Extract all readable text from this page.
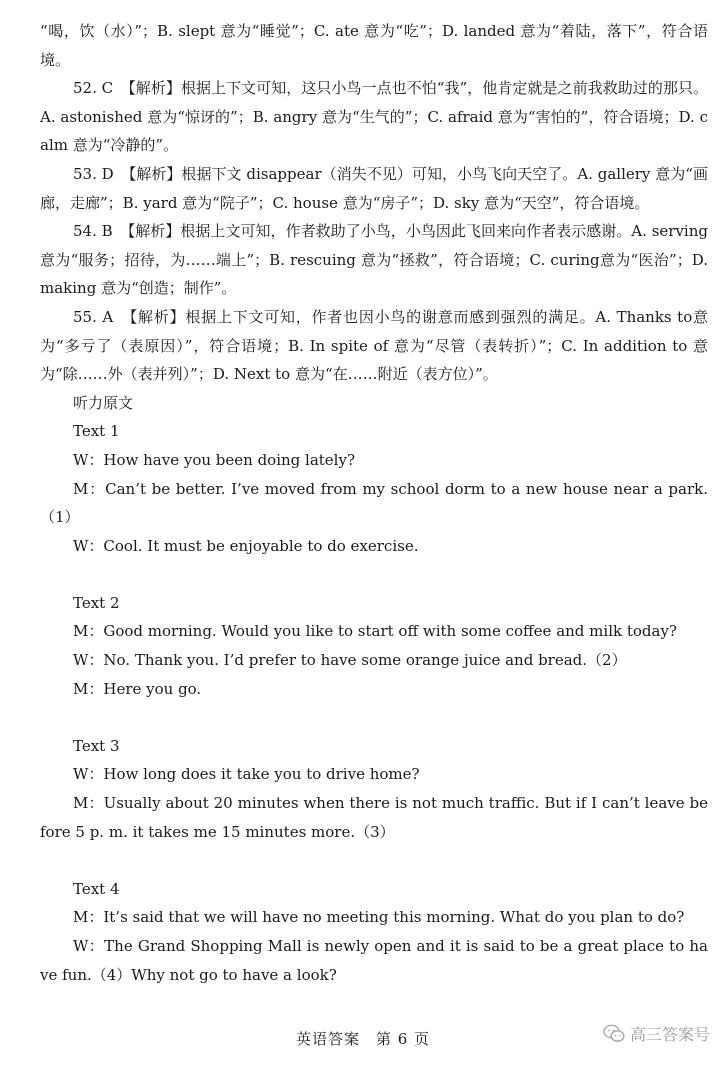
“喝，饮（水）”；B. slept 意为“睡觉”；C. ate 意为“吃”；D. landed 意为“着陆，落下”，符合语境。

52. C　【解析】根据上下文可知，这只小鸟一点也不怕“我”，他肯定就是之前我救助过的那只。A. astonished 意为“惊讶的”；B. angry 意为“生气的”；C. afraid 意为“害怕的”，符合语境；D. calm 意为“冷静的”。

53. D　【解析】根据下文 disappear（消失不见）可知，小鸟飞向天空了。A. gallery 意为“画廊，走廊”；B. yard 意为“院子”；C. house 意为“房子”；D. sky 意为“天空”，符合语境。

54. B　【解析】根据上文可知，作者救助了小鸟，小鸟因此飞回来向作者表示感谢。A. serving 意为“服务；招待，为……端上”；B. rescuing 意为“拯救”，符合语境；C. curing意为“医治”；D. making 意为“创造；制作”。

55. A　【解析】根据上下文可知，作者也因小鸟的谢意而感到强烈的满足。A. Thanks to意为“多亏了（表原因）”，符合语境；B. In spite of 意为“尽管（表转折）”；C. In addition to 意为“除……外（表并列）”；D. Next to 意为“在……附近（表方位）”。

听力原文

Text 1

W：How have you been doing lately?

M：Can’t be better. I’ve moved from my school dorm to a new house near a park.（1）

W：Cool. It must be enjoyable to do exercise.

Text 2

M：Good morning. Would you like to start off with some coffee and milk today?

W：No. Thank you. I’d prefer to have some orange juice and bread.（2）

M：Here you go.

Text 3

W：How long does it take you to drive home?

M：Usually about 20 minutes when there is not much traffic. But if I can’t leave before 5 p. m. it takes me 15 minutes more.（3）

Text 4

M：It’s said that we will have no meeting this morning. What do you plan to do?

W：The Grand Shopping Mall is newly open and it is said to be a great place to have fun.（4）Why not go to have a look?

英语答案　第 6 页	高三答案号
